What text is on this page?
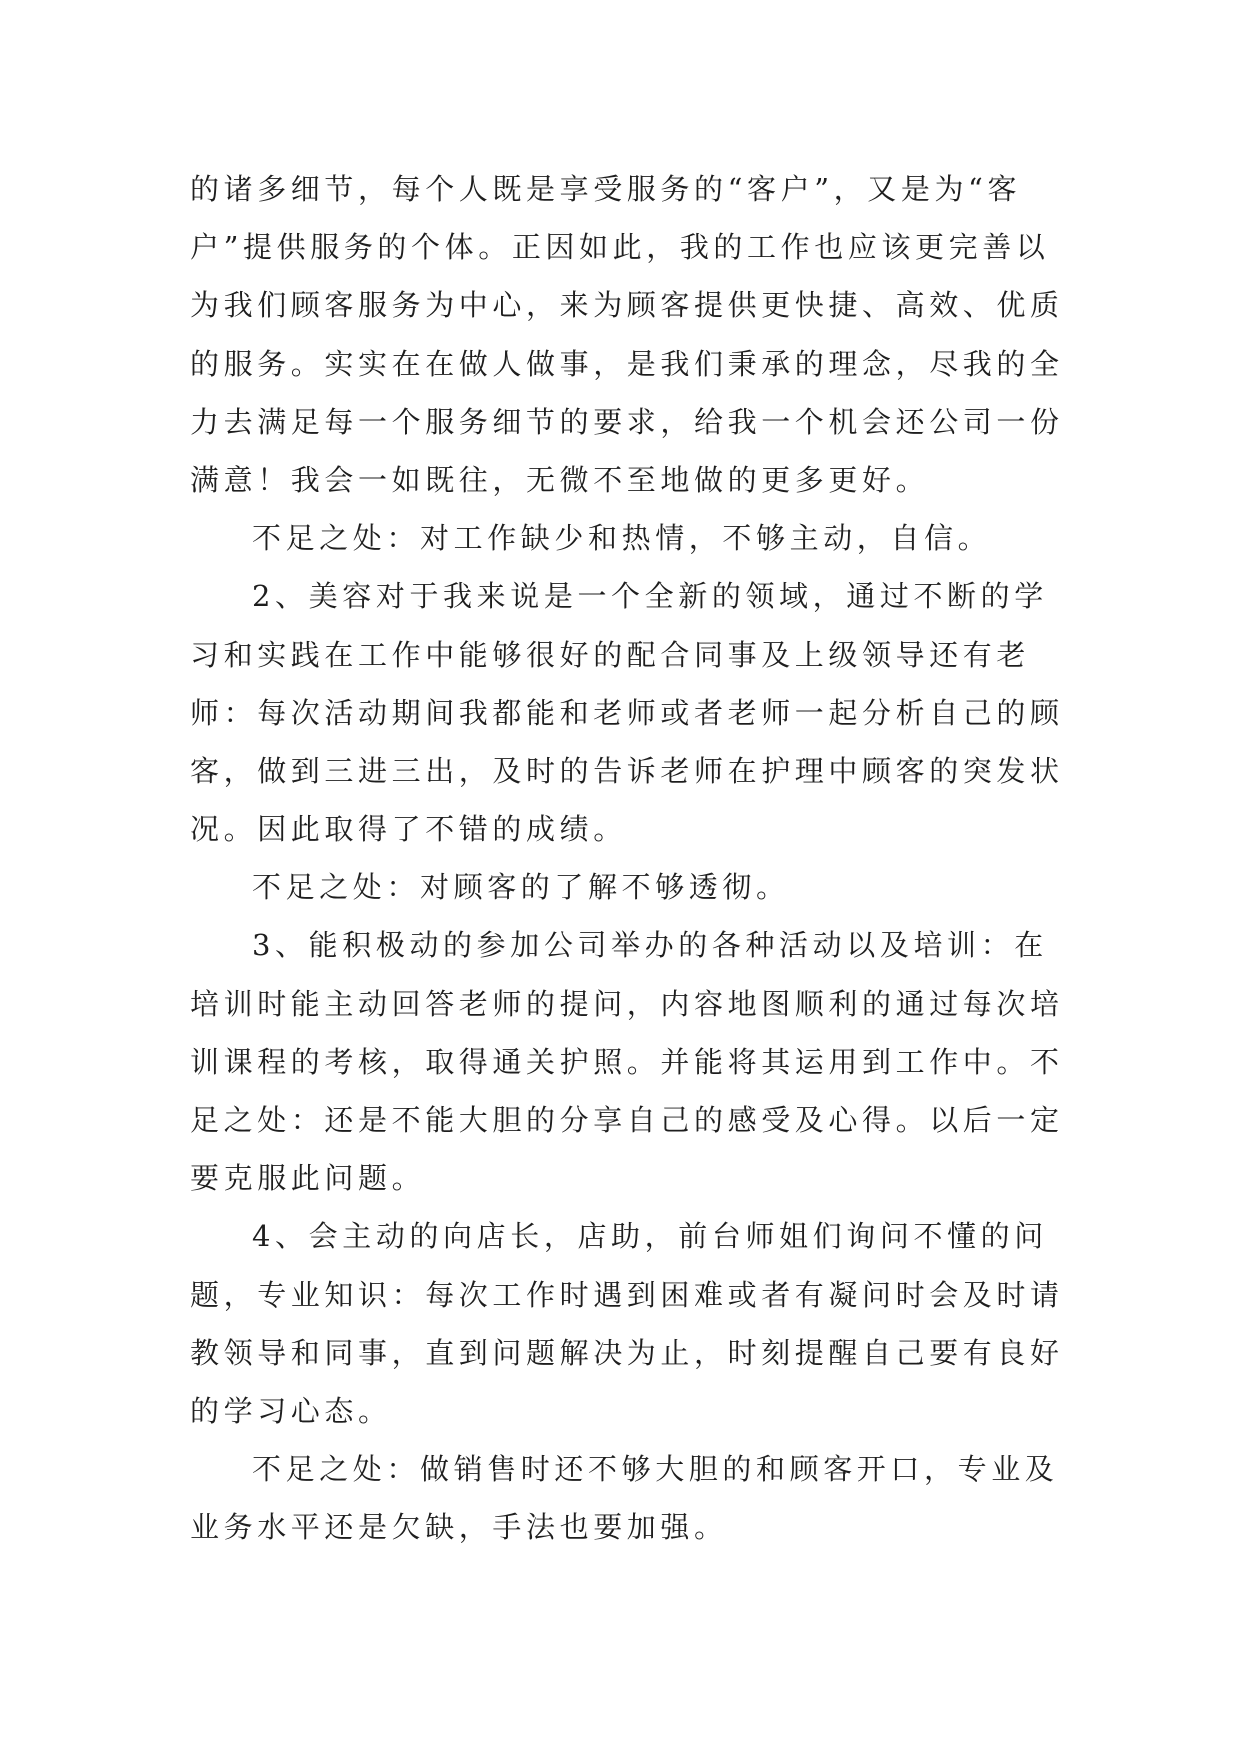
的诸多细节，每个人既是享受服务的“客户”，又是为“客
户”提供服务的个体。正因如此，我的工作也应该更完善以
为我们顾客服务为中心，来为顾客提供更快捷、高效、优质
的服务。实实在在做人做事，是我们秉承的理念，尽我的全
力去满足每一个服务细节的要求，给我一个机会还公司一份
满意！我会一如既往，无微不至地做的更多更好。
不足之处：对工作缺少和热情，不够主动，自信。
2、美容对于我来说是一个全新的领域，通过不断的学
习和实践在工作中能够很好的配合同事及上级领导还有老
师：每次活动期间我都能和老师或者老师一起分析自己的顾
客，做到三进三出，及时的告诉老师在护理中顾客的突发状
况。因此取得了不错的成绩。
不足之处：对顾客的了解不够透彻。
3、能积极动的参加公司举办的各种活动以及培训：在
培训时能主动回答老师的提问，内容地图顺利的通过每次培
训课程的考核，取得通关护照。并能将其运用到工作中。不
足之处：还是不能大胆的分享自己的感受及心得。以后一定
要克服此问题。
4、会主动的向店长，店助，前台师姐们询问不懂的问
题，专业知识：每次工作时遇到困难或者有凝问时会及时请
教领导和同事，直到问题解决为止，时刻提醒自己要有良好
的学习心态。
不足之处：做销售时还不够大胆的和顾客开口，专业及
业务水平还是欠缺，手法也要加强。
